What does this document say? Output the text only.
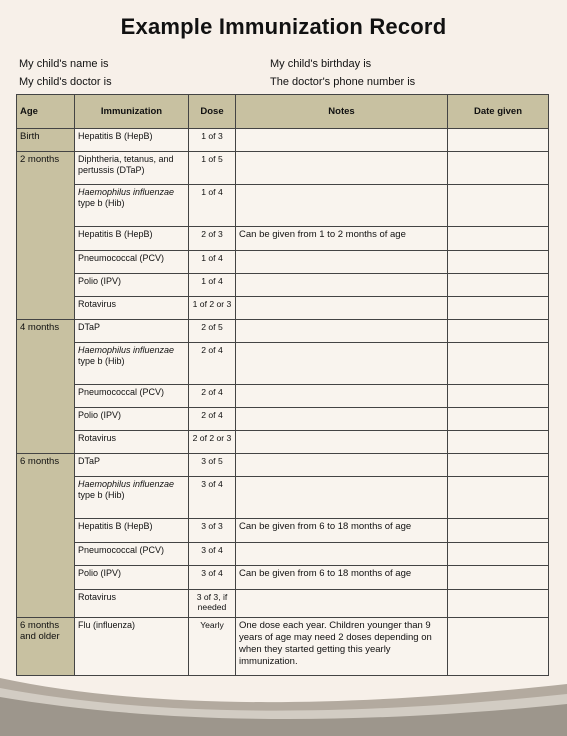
Example Immunization Record
My child's name is	My child's birthday is
My child's doctor is	The doctor's phone number is
Age	Immunization	Dose	Notes	Date given
Birth	Hepatitis B (HepB)	1 of 3		
2 months	Diphtheria, tetanus, and pertussis (DTaP)	1 of 5		
	Haemophilus influenzae type b (Hib)	1 of 4		
	Hepatitis B (HepB)	2 of 3	Can be given from 1 to 2 months of age	
	Pneumococcal (PCV)	1 of 4		
	Polio (IPV)	1 of 4		
	Rotavirus	1 of 2 or 3		
4 months	DTaP	2 of 5		
	Haemophilus influenzae type b (Hib)	2 of 4		
	Pneumococcal (PCV)	2 of 4		
	Polio (IPV)	2 of 4		
	Rotavirus	2 of 2 or 3		
6 months	DTaP	3 of 5		
	Haemophilus influenzae type b (Hib)	3 of 4		
	Hepatitis B (HepB)	3 of 3	Can be given from 6 to 18 months of age	
	Pneumococcal (PCV)	3 of 4		
	Polio (IPV)	3 of 4	Can be given from 6 to 18 months of age	
	Rotavirus	3 of 3, if needed		
6 months and older	Flu (influenza)	Yearly	One dose each year. Children younger than 9 years of age may need 2 doses depending on when they started getting this yearly immunization.	
